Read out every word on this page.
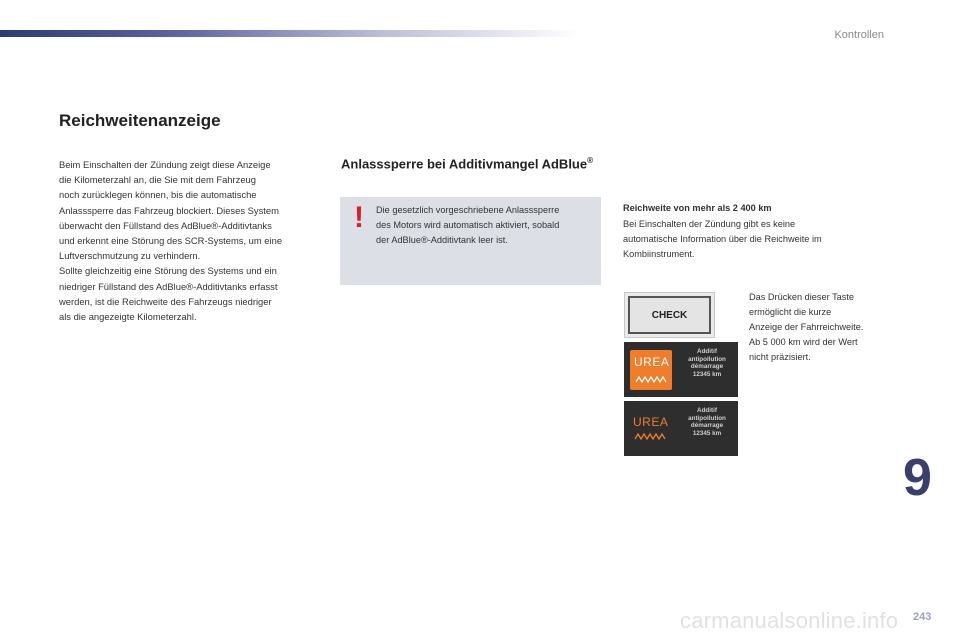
Kontrollen
Reichweitenanzeige

Beim Einschalten der Zündung zeigt diese Anzeige
die Kilometerzahl an, die Sie mit dem Fahrzeug
noch zurücklegen können, bis die automatische
Anlasssperre das Fahrzeug blockiert. Dieses System
überwacht den Füllstand des AdBlue®-Additivtanks
und erkennt eine Störung des SCR-Systems, um eine
Luftverschmutzung zu verhindern.
Sollte gleichzeitig eine Störung des Systems und ein
niedriger Füllstand des AdBlue®-Additivtanks erfasst
werden, ist die Reichweite des Fahrzeugs niedriger
als die angezeigte Kilometerzahl.

Anlasssperre bei Additivmangel AdBlue®
! Die gesetzlich vorgeschriebene Anlasssperre
des Motors wird automatisch aktiviert, sobald
der AdBlue®-Additivtank leer ist.

Reichweite von mehr als 2 400 km

Bei Einschalten der Zündung gibt es keine
automatische Information über die Reichweite im
Kombiinstrument.

CHECK

Das Drücken dieser Taste
ermöglicht die kurze
Anzeige der Fahrreichweite.
Ab 5 000 km wird der Wert
nicht präzisiert.

UREA
Additif
antipollution
démarrage
12345 km
UREA
Additif
antipollution
démarrage
12345 km
9
carmanualsonline.info 243
